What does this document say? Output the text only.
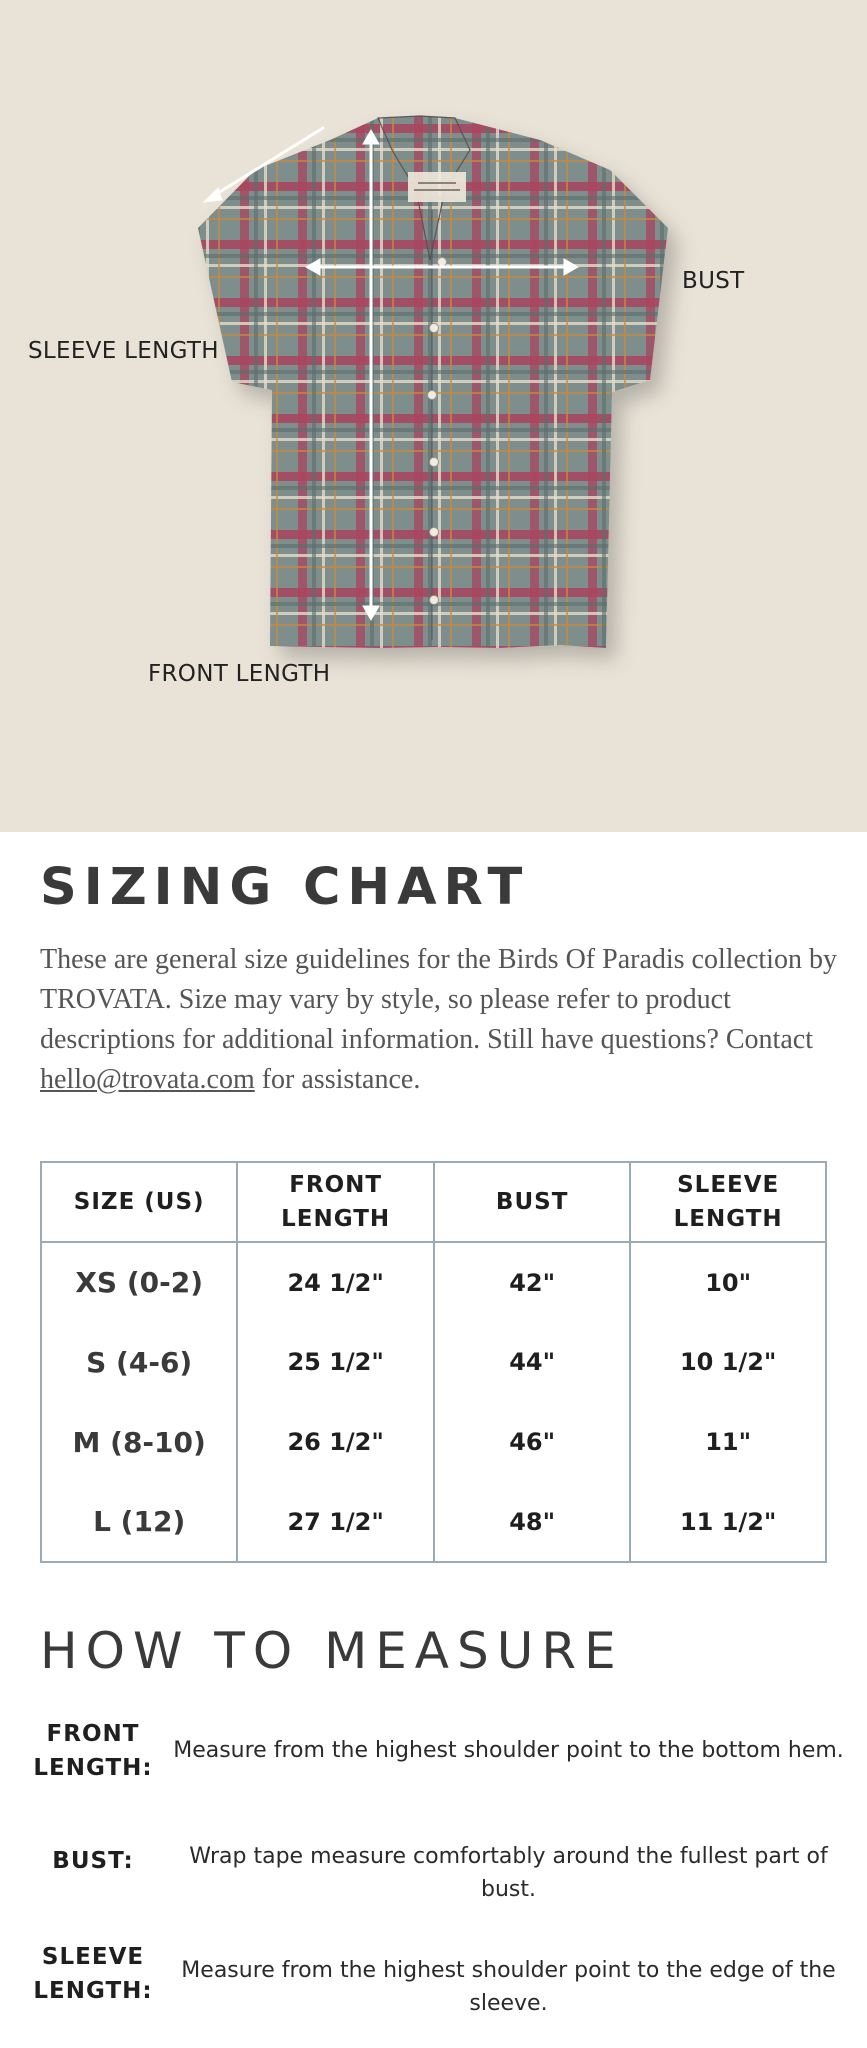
BUST
SLEEVE LENGTH
FRONT LENGTH
SIZING CHART

These are general size guidelines for the Birds Of Paradis collection by TROVATA. Size may vary by style, so please refer to product descriptions for additional information. Still have questions? Contact hello@trovata.com for assistance.

SIZE (US)	FRONT LENGTH	BUST	SLEEVE LENGTH
XS (0-2)	24 1/2"	42"	10"
S (4-6)	25 1/2"	44"	10 1/2"
M (8-10)	26 1/2"	46"	11"
L (12)	27 1/2"	48"	11 1/2"
HOW TO MEASURE
FRONT LENGTH:
Measure from the highest shoulder point to the bottom hem.
BUST:	Wrap tape measure comfortably around the fullest part of bust.
SLEEVE LENGTH:
Measure from the highest shoulder point to the edge of the sleeve.
